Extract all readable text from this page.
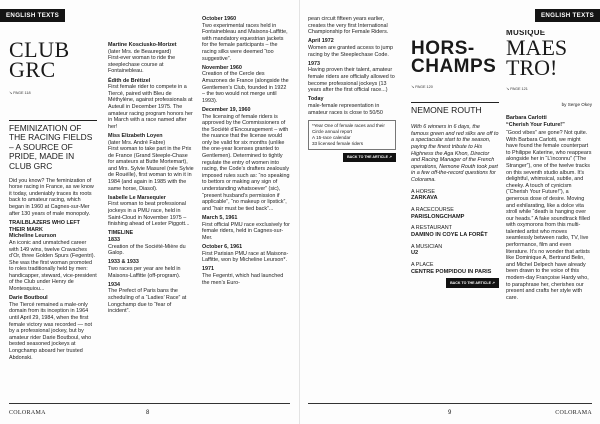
ENGLISH TEXTS
CLUB
GRC
↘ PAGE 118
FEMINIZATION OF THE RACING FIELDS – A SOURCE OF PRIDE, MADE IN CLUB GRC

Did you know? The feminization of horse racing in France, as we know it today, undeniably traces its roots back to amateur racing, which began in 1960 at Cagnes-sur-Mer after 130 years of male monopoly.

TRAILBLAZERS WHO LEFT THEIR MARK
Micheline Leurson

An iconic and unmatched career with 149 wins, twelve Cravaches d’Or, three Golden Spurs (Fegentri). She was the first woman promoted to roles traditionally held by men: handicapper, steward, vice-president of the Club under Henry de Montesquiou...

Darie Boutboul

The Tiercé remained a male-only domain from its inception in 1964 until April 29, 1984, when the first female victory was recorded — not by a professional jockey, but by amateur rider Darie Boutboul, who bested seasoned jockeys at Longchamp aboard her trusted Abdonski.

Martine Kosciusko-Morizet
(later Mrs. de Beauregard)

First-ever woman to ride the steeplechase course at Fontainebleau.

Édith de Brétizel

First female rider to compete in a Tiercé, paired with Bleu de Méthylène, against professionals at Auteuil in December 1975. The amateur racing program honors her in March with a race named after her!

Miss Elizabeth Loyen
(later Mrs. André Fabre)

First woman to take part in the Prix de France (Grand Steeple-Chase for amateurs at Butte Mortemart), and Mrs. Sylvie Masurel (née Sylvie de Rouélle), first woman to win it in 1984 (and again in 1985 with the same horse, Diasol).

Isabelle Le Marsequier

First woman to beat professional jockeys in a PMU race, held in Saint-Cloud in November 1975 – finishing ahead of Lester Piggott...

TIMELINE
1833

Creation of the Société-Mière du Galop.

1933 & 1933

Two races per year are held in Maisons-Laffitte (off-program).

1934

The Prefect of Paris bans the scheduling of a “Ladies’ Race” at Longchamp due to “fear of incident”.

October 1960

Two experimental races held in Fontainebleau and Maisons-Laffitte, with mandatory equestrian jackets for the female participants – the racing silks were deemed “too suggestive”.

November 1960

Creation of the Cercle des Amazones de France (alongside the Gentlemen’s Club, founded in 1922 – the two would not merge until 1993).

December 19, 1960

The licensing of female riders is approved by the Commissioners of the Société d’Encouragement – with the nuance that the license would only be valid for six months (unlike the one-year licenses granted to Gentlemen). Determined to tightly regulate the entry of women into racing, the Code’s drafters zealously imposed rules such as: “no speaking to bettors or making any sign of understanding whatsoever” (sic), “present husband’s permission if applicable”, “no makeup or lipstick”, and “hair must be tied back”...

March 5, 1961

First official PMU race exclusively for female riders, held in Cagnes-sur-Mer.

October 6, 1961

First Parisian PMU race at Maisons-Laffitte, won by Micheline Leurson*.

1971

The Fegentri, which had launched the men’s Euro-

COLORAMA	8
ENGLISH TEXTS

pean circuit fifteen years earlier, creates the very first International Championship for Female Riders.

April 1972

Women are granted access to jump racing by the Steeplechase Code.

1973

Having proven their talent, amateur female riders are officially allowed to become professional jockeys (13 years after the first official race...)

Today

male-female representation in amateur races is close to 50/50

*Year One of female races and their Circle annual report
A 15-race calendar
33 licensed female riders
BACK TO THE ARTICLE ↗
HORS-
CHAMPS
↘ PAGE 120
NEMONE ROUTH
With 6 winners in 6 days, the famous green and red silks are off to a spectacular start to the season, paying the finest tribute to His Highness the Aga Khon, Director and Racing Manager of the French operations, Nemone Routh took part in a few off-the-record questions for Colorama.
A HORSE
ZARKAVA
A RACECOURSE
PARISLONGCHAMP
A RESTAURANT
DAMINO IN COYE LA FORÊT
A MUSICIAN
U2
A PLACE
CENTRE POMPIDOU IN PARIS
BACK TO THE ARTICLE ↗
MUSIQUE
MAES
TRO!
↘ PAGE 121
by Serge Okey
Barbara Carlotti
“Cherish Your Future!”

“Good vibes” are gone? Not quite. With Barbara Carlotti, we might have found the female counterpart to Philippe Katerine, who reappears alongside her in “L’inconnu” (“The Stranger”), one of the twelve tracks on this seventh studio album. It’s delightful, whimsical, subtle, and cheeky. A touch of cynicism (“Cherish Your Future!”), a generous dose of desire. Moving and exhilarating, like a dolce vita stroll while “death is hanging over our heads.” A fake soundtrack filled with oxymorons from this multi-talented artist who moves seamlessly between radio, TV, live performance, film and even literature. It’s no wonder that artists like Dominique A, Bertrand Belin, and Michel Delpech have already been drawn to the voice of this modern-day Françoise Hardy who, to paraphrase her, cherishes our present and crafts her style with care.

9	COLORAMA
